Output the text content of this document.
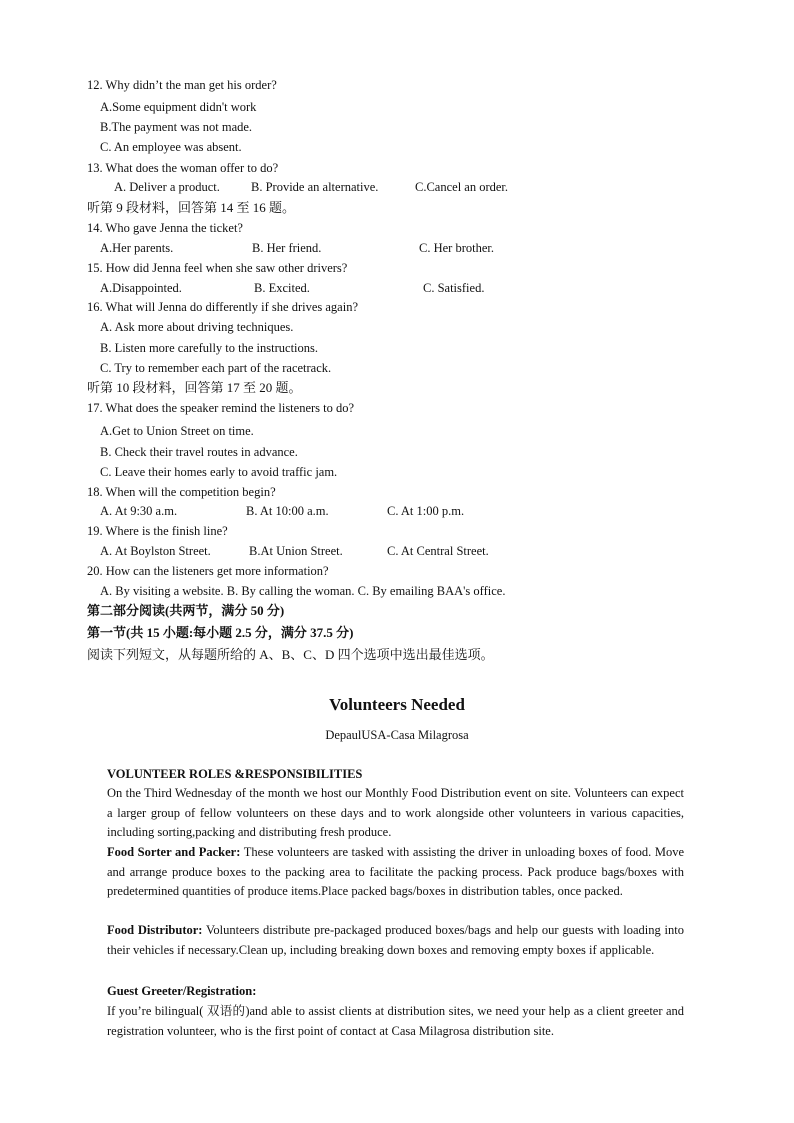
12. Why didn’t the man get his order?
A.Some equipment didn't work
B.The payment was not made.
C. An employee was absent.
13. What does the woman offer to do?
A. Deliver a product. B. Provide an alternative.	C.Cancel an order.
听第 9 段材料，回答第 14 至 16 题。
14. Who gave Jenna the ticket?
A.Her parents.	B. Her friend.	C. Her brother.
15. How did Jenna feel when she saw other drivers?
A.Disappointed.	B. Excited.	C. Satisfied.
16. What will Jenna do differently if she drives again?
A. Ask more about driving techniques.
B. Listen more carefully to the instructions.
C. Try to remember each part of the racetrack.
听第 10 段材料，回答第 17 至 20 题。
17. What does the speaker remind the listeners to do?
A.Get to Union Street on time.
B. Check their travel routes in advance.
C. Leave their homes early to avoid traffic jam.
18. When will the competition begin?
A. At 9:30 a.m.	B. At 10:00 a.m.	C. At 1:00 p.m.
19. Where is the finish line?
A. At Boylston Street.	B.At Union Street.	C. At Central Street.
20. How can the listeners get more information?
A. By visiting a website. B. By calling the woman. C. By emailing BAA's office.
第二部分阅读(共两节，满分 50 分)
第一节(共 15 小题:每小题 2.5 分，满分 37.5 分)
阅读下列短文，从每题所给的 A、B、C、D 四个选项中选出最佳选项。
Volunteers Needed
DepaulUSA-Casa Milagrosa
VOLUNTEER ROLES &RESPONSIBILITIES
On the Third Wednesday of the month we host our Monthly Food Distribution event on site. Volunteers can expect a larger group of fellow volunteers on these days and to work alongside other volunteers in various capacities, including sorting,packing and distributing fresh produce.
Food Sorter and Packer: These volunteers are tasked with assisting the driver in unloading boxes of food. Move and arrange produce boxes to the packing area to facilitate the packing process. Pack produce bags/boxes with predetermined quantities of produce items.Place packed bags/boxes in distribution tables, once packed.
Food Distributor: Volunteers distribute pre-packaged produced boxes/bags and help our guests with loading into their vehicles if necessary.Clean up, including breaking down boxes and removing empty boxes if applicable.
Guest Greeter/Registration:
If you’re bilingual( 双语的)and able to assist clients at distribution sites, we need your help as a client greeter and registration volunteer, who is the first point of contact at Casa Milagrosa distribution site.
